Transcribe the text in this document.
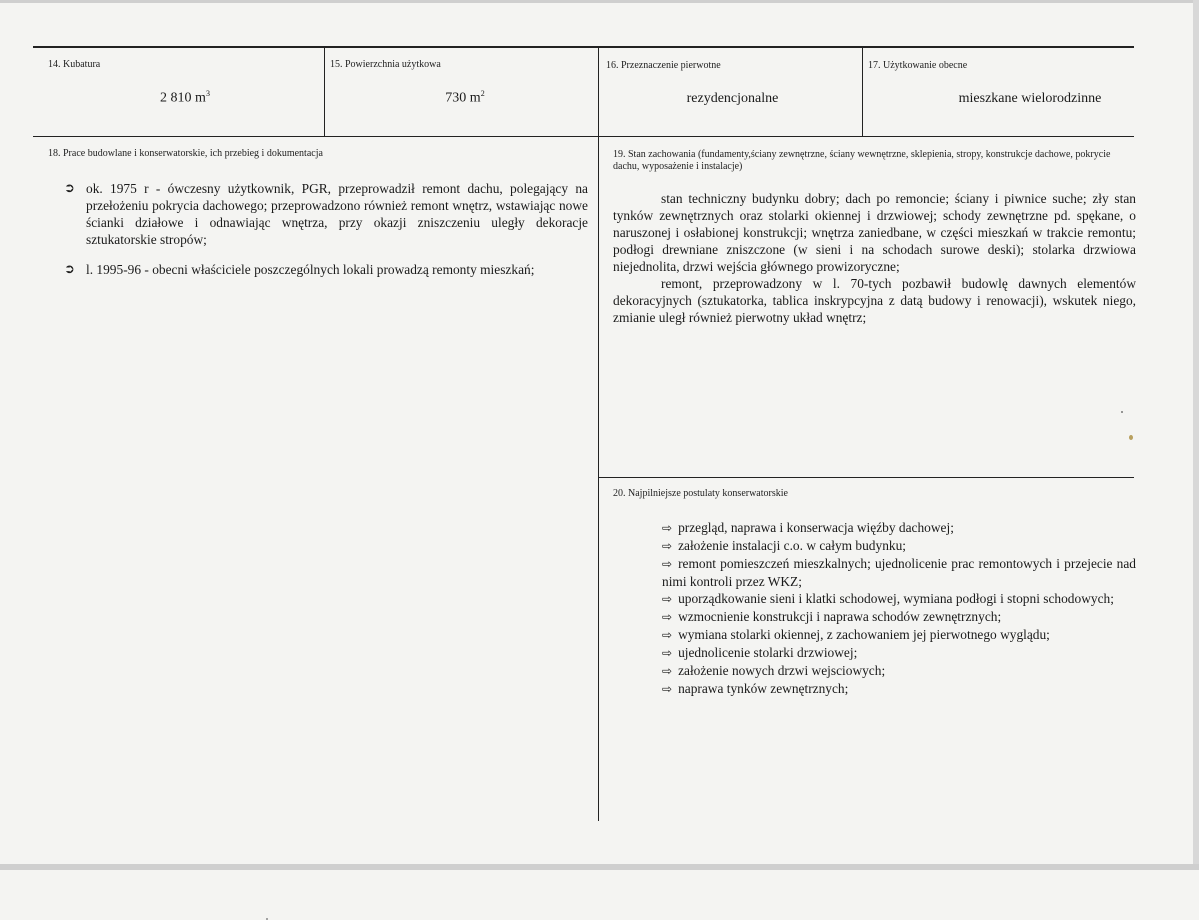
14. Kubatura
2 810 $m^3$
15. Powierzchnia użytkowa
730 $m^2$
16. Przeznaczenie pierwotne
rezydencjonalne
17. Użytkowanie obecne
mieszkane wielorodzinne
18. Prace budowlane i konserwatorskie, ich przebieg i dokumentacja
➲ ok. 1975 r - ówczesny użytkownik, PGR, przeprowadził remont dachu, polegający na przełożeniu pokrycia dachowego; przeprowadzono również remont wnętrz, wstawiając nowe ścianki działowe i odnawiając wnętrza, przy okazji zniszczeniu uległy dekoracje sztukatorskie stropów;
➲ l. 1995-96 - obecni właściciele poszczególnych lokali prowadzą remonty mieszkań;
19. Stan zachowania (fundamenty,ściany zewnętrzne, ściany wewnętrzne, sklepienia, stropy, konstrukcje dachowe, pokrycie dachu, wyposażenie i instalacje)

stan techniczny budynku dobry; dach po remoncie; ściany i piwnice suche; zły stan tynków zewnętrznych oraz stolarki okiennej i drzwiowej; schody zewnętrzne pd. spękane, o naruszonej i osłabionej konstrukcji; wnętrza zaniedbane, w części mieszkań w trakcie remontu; podłogi drewniane zniszczone (w sieni i na schodach surowe deski); stolarka drzwiowa niejednolita, drzwi wejścia głównego prowizoryczne;

remont, przeprowadzony w l. 70-tych pozbawił budowlę dawnych elementów dekoracyjnych (sztukatorka, tablica inskrypcyjna z datą budowy i renowacji), wskutek niego, zmianie uległ również pierwotny układ wnętrz;

20. Najpilniejsze postulaty konserwatorskie
⇨ przegląd, naprawa i konserwacja więźby dachowej;
⇨ założenie instalacji c.o. w całym budynku;
⇨ remont pomieszczeń mieszkalnych; ujednolicenie prac remontowych i przejecie nad nimi kontroli przez WKZ;
⇨ uporządkowanie sieni i klatki schodowej, wymiana podłogi i stopni schodowych;
⇨ wzmocnienie konstrukcji i naprawa schodów zewnętrznych;
⇨ wymiana stolarki okiennej, z zachowaniem jej pierwotnego wyglądu;
⇨ ujednolicenie stolarki drzwiowej;
⇨ założenie nowych drzwi wejsciowych;
⇨ naprawa tynków zewnętrznych;
